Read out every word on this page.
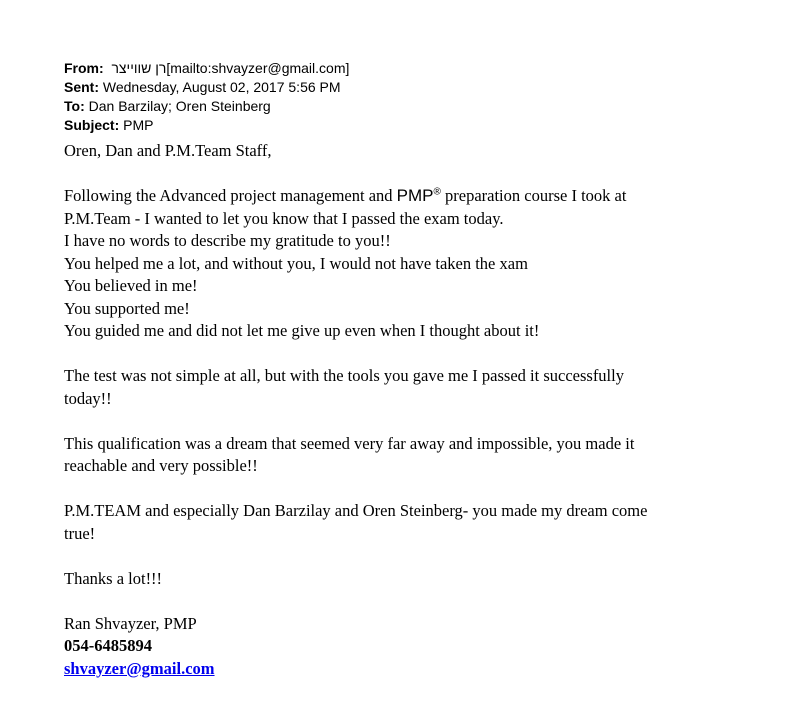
From: רן שווייצר[mailto:shvayzer@gmail.com]
Sent: Wednesday, August 02, 2017 5:56 PM
To: Dan Barzilay; Oren Steinberg
Subject: PMP

Oren, Dan and P.M.Team Staff,

Following the Advanced project management and PMP® preparation course I took at

P.M.Team - I wanted to let you know that I passed the exam today.

I have no words to describe my gratitude to you!!

You helped me a lot, and without you, I would not have taken the xam

You believed in me!

You supported me!

You guided me and did not let me give up even when I thought about it!

The test was not simple at all, but with the tools you gave me I passed it successfully

today!!

This qualification was a dream that seemed very far away and impossible, you made it

reachable and very possible!!

P.M.TEAM and especially Dan Barzilay and Oren Steinberg- you made my dream come

true!

Thanks a lot!!!

Ran Shvayzer, PMP

054-6485894

shvayzer@gmail.com
